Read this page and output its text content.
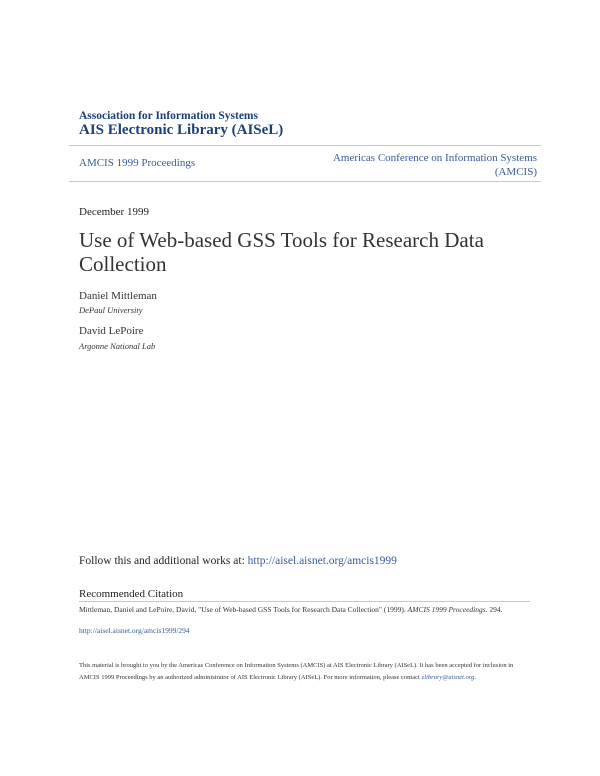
Association for Information Systems
AIS Electronic Library (AISeL)
AMCIS 1999 Proceedings	Americas Conference on Information Systems
(AMCIS)
December 1999
Use of Web-based GSS Tools for Research Data Collection
Daniel Mittleman
DePaul University
David LePoire
Argonne National Lab
Follow this and additional works at: http://aisel.aisnet.org/amcis1999
Recommended Citation
Mittleman, Daniel and LePoire, David, "Use of Web-based GSS Tools for Research Data Collection" (1999). AMCIS 1999 Proceedings. 294.
http://aisel.aisnet.org/amcis1999/294
This material is brought to you by the Americas Conference on Information Systems (AMCIS) at AIS Electronic Library (AISeL). It has been accepted for inclusion in AMCIS 1999 Proceedings by an authorized administrator of AIS Electronic Library (AISeL). For more information, please contact elibrary@aisnet.org.
